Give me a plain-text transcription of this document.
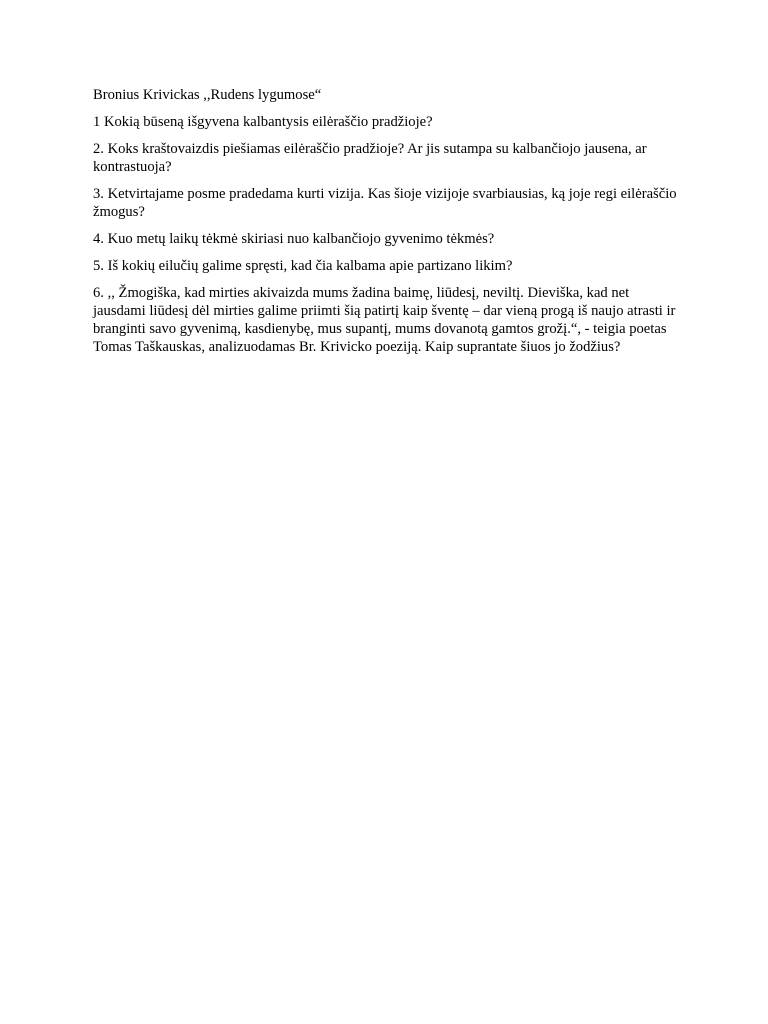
Bronius Krivickas ,,Rudens lygumose“

1 Kokią būseną išgyvena kalbantysis eilėraščio pradžioje?

2. Koks kraštovaizdis piešiamas eilėraščio pradžioje? Ar jis sutampa su kalbančiojo jausena, ar kontrastuoja?

3. Ketvirtajame posme pradedama kurti vizija. Kas šioje vizijoje svarbiausias, ką joje regi eilėraščio žmogus?

4. Kuo metų laikų tėkmė skiriasi nuo kalbančiojo gyvenimo tėkmės?

5. Iš kokių eilučių galime spręsti, kad čia kalbama apie partizano likim?

6. ,, Žmogiška, kad mirties akivaizda mums žadina baimę, liūdesį, neviltį. Dieviška, kad net jausdami liūdesį dėl mirties galime priimti šią patirtį kaip šventę – dar vieną progą iš naujo atrasti ir branginti savo gyvenimą, kasdienybę, mus supantį, mums dovanotą gamtos grožį.“, - teigia poetas Tomas Taškauskas, analizuodamas Br. Krivicko poeziją. Kaip suprantate šiuos jo žodžius?
